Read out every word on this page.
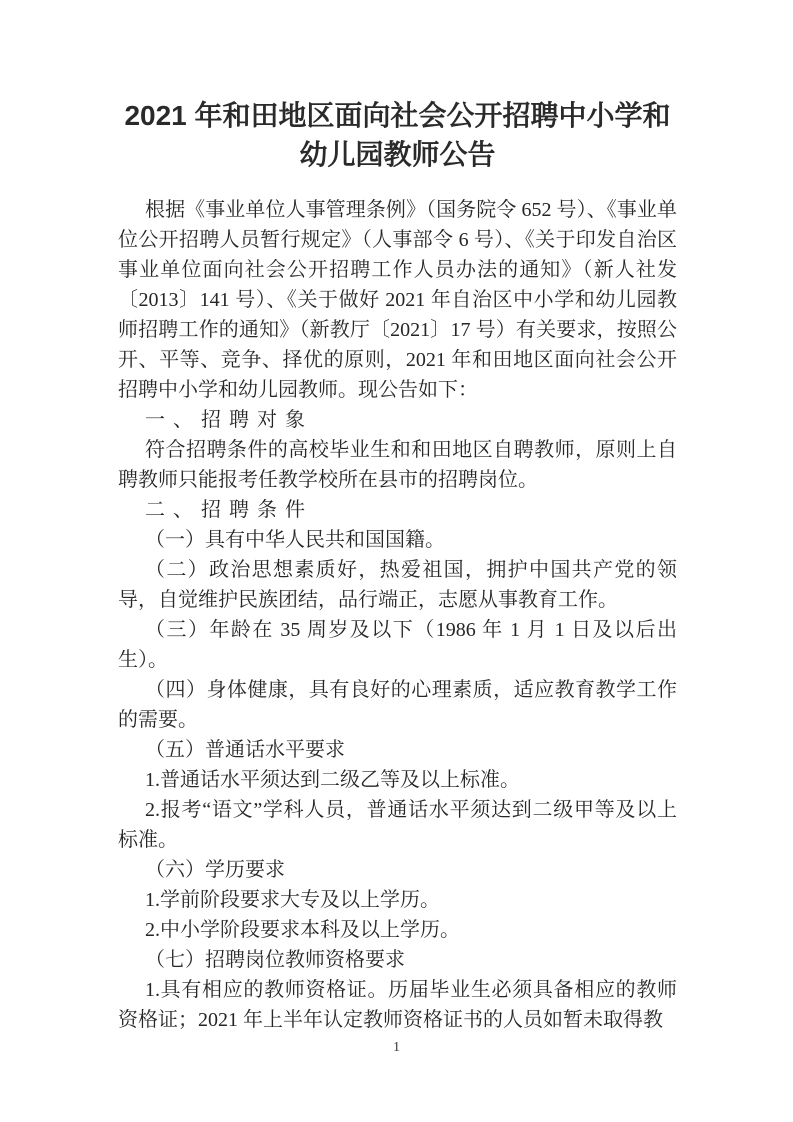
2021 年和田地区面向社会公开招聘中小学和幼儿园教师公告

根据《事业单位人事管理条例》（国务院令 652 号）、《事业单位公开招聘人员暂行规定》（人事部令 6 号）、《关于印发自治区事业单位面向社会公开招聘工作人员办法的通知》（新人社发〔2013〕141 号）、《关于做好 2021 年自治区中小学和幼儿园教师招聘工作的通知》（新教厅〔2021〕17 号）有关要求，按照公开、平等、竞争、择优的原则，2021 年和田地区面向社会公开招聘中小学和幼儿园教师。现公告如下：

一、招聘对象

符合招聘条件的高校毕业生和和田地区自聘教师，原则上自聘教师只能报考任教学校所在县市的招聘岗位。

二、招聘条件

（一）具有中华人民共和国国籍。

（二）政治思想素质好，热爱祖国，拥护中国共产党的领导，自觉维护民族团结，品行端正，志愿从事教育工作。

（三）年龄在 35 周岁及以下（1986 年 1 月 1 日及以后出生）。

（四）身体健康，具有良好的心理素质，适应教育教学工作的需要。

（五）普通话水平要求

1.普通话水平须达到二级乙等及以上标准。

2.报考“语文”学科人员，普通话水平须达到二级甲等及以上标准。

（六）学历要求

1.学前阶段要求大专及以上学历。

2.中小学阶段要求本科及以上学历。

（七）招聘岗位教师资格要求

1.具有相应的教师资格证。历届毕业生必须具备相应的教师资格证；2021 年上半年认定教师资格证书的人员如暂未取得教

1
